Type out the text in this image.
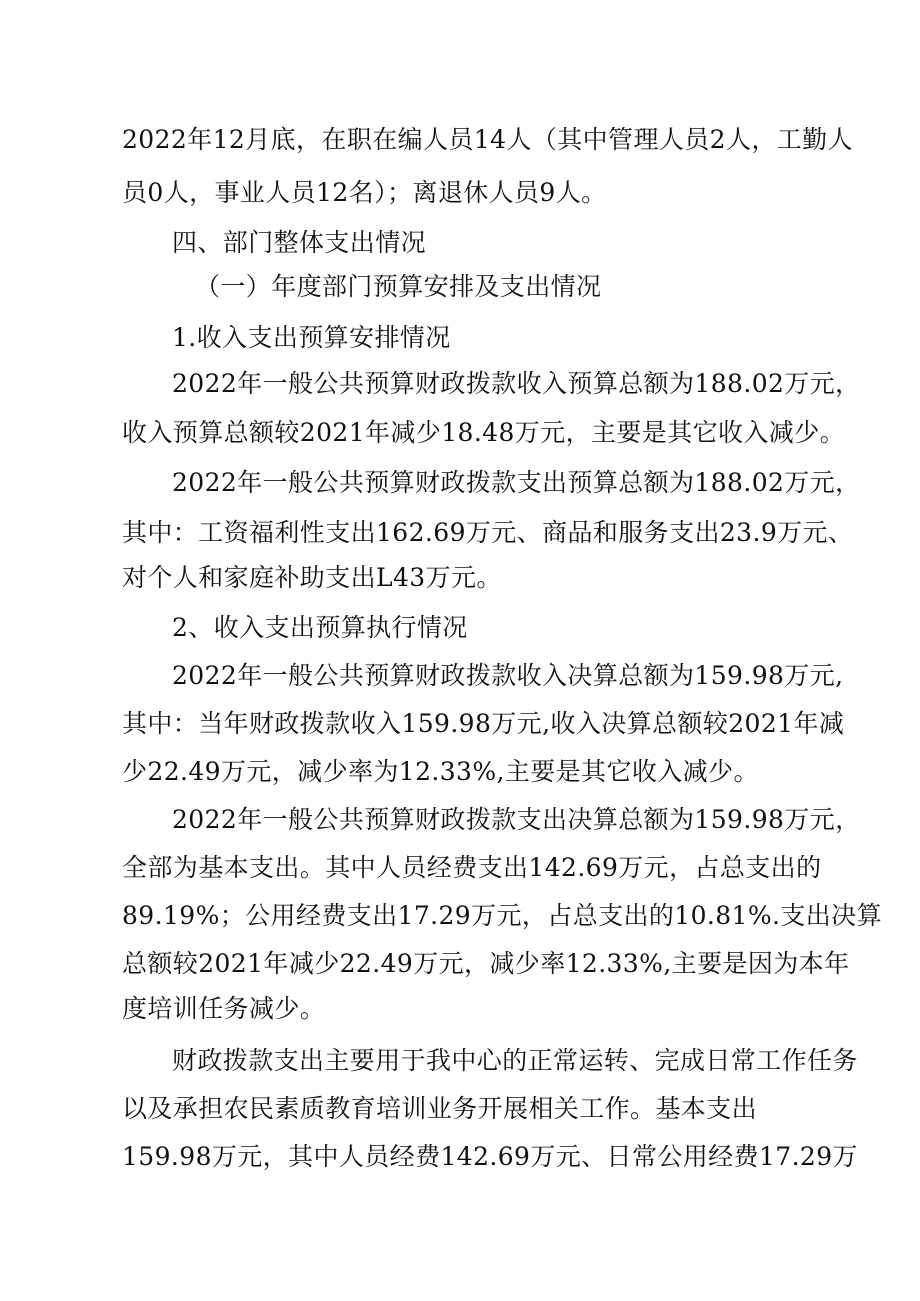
2022年12月底，在职在编人员14人（其中管理人员2人，工勤人
员0人，事业人员12名）；离退休人员9人。
四、部门整体支出情况
（一）年度部门预算安排及支出情况
1.收入支出预算安排情况
2022年一般公共预算财政拨款收入预算总额为188.02万元，
收入预算总额较2021年减少18.48万元，主要是其它收入减少。
2022年一般公共预算财政拨款支出预算总额为188.02万元，
其中：工资福利性支出162.69万元、商品和服务支出23.9万元、
对个人和家庭补助支出L43万元。
2、收入支出预算执行情况
2022年一般公共预算财政拨款收入决算总额为159.98万元,
其中：当年财政拨款收入159.98万元,收入决算总额较2021年减
少22.49万元，减少率为12.33%,主要是其它收入减少。
2022年一般公共预算财政拨款支出决算总额为159.98万元，
全部为基本支出。其中人员经费支出142.69万元，占总支出的
89.19%；公用经费支出17.29万元，占总支出的10.81%.支出决算
总额较2021年减少22.49万元，减少率12.33%,主要是因为本年
度培训任务减少。
财政拨款支出主要用于我中心的正常运转、完成日常工作任务
以及承担农民素质教育培训业务开展相关工作。基本支出
159.98万元，其中人员经费142.69万元、日常公用经费17.29万
